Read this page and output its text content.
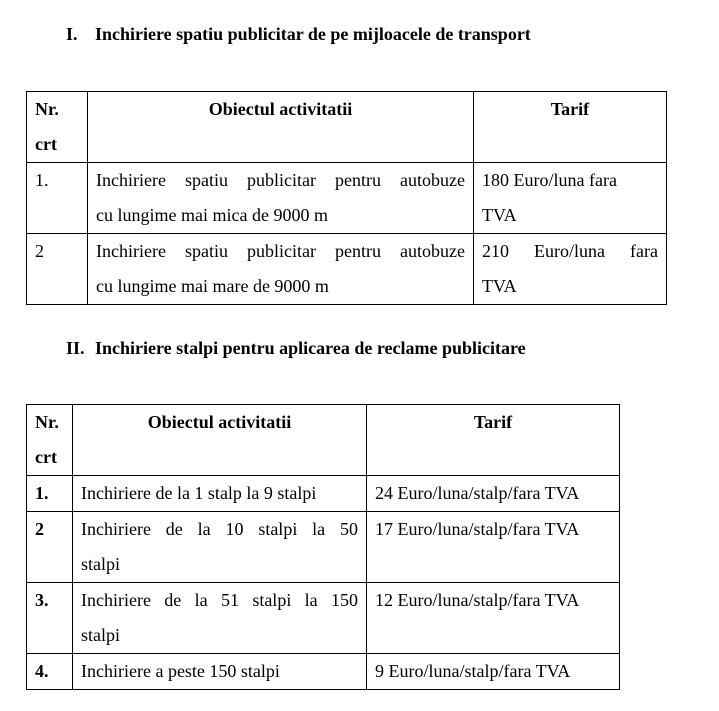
I. Inchiriere spatiu publicitar de pe mijloacele de transport
Nr.
crt	Obiectul activitatii	Tarif
1.	Inchiriere spatiu publicitar pentru autobuze
cu lungime mai mica de 9000 m	180 Euro/luna fara
TVA

2	Inchiriere spatiu publicitar pentru autobuze
cu lungime mai mare de 9000 m	210 Euro/luna fara
TVA
II. Inchiriere stalpi pentru aplicarea de reclame publicitare
Nr.
crt	Obiectul activitatii	Tarif
1.	Inchiriere de la 1 stalp la 9 stalpi	24 Euro/luna/stalp/fara TVA
2	Inchiriere de la 10 stalpi la 50
stalpi	17 Euro/luna/stalp/fara TVA
3.	Inchiriere de la 51 stalpi la 150
stalpi	12 Euro/luna/stalp/fara TVA
4.	Inchiriere a peste 150 stalpi	9 Euro/luna/stalp/fara TVA
